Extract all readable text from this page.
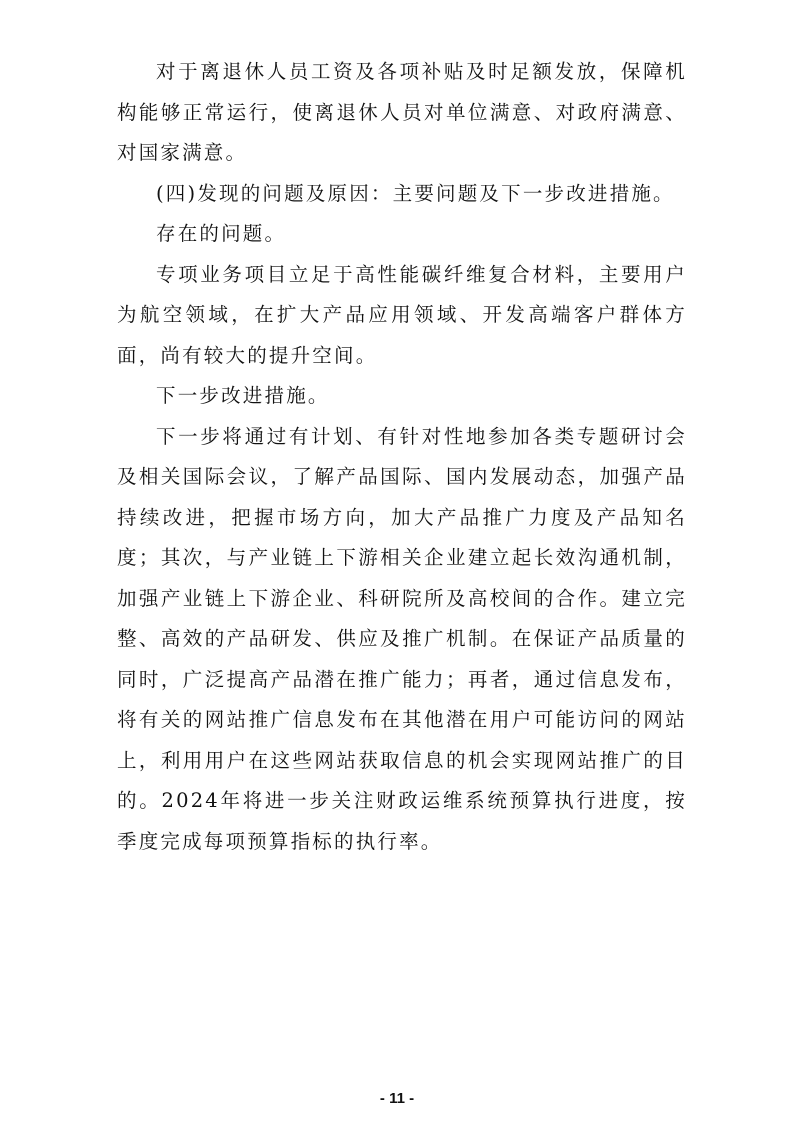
对于离退休人员工资及各项补贴及时足额发放，保障机构能够正常运行，使离退休人员对单位满意、对政府满意、对国家满意。

(四)发现的问题及原因：主要问题及下一步改进措施。

存在的问题。

专项业务项目立足于高性能碳纤维复合材料，主要用户为航空领域，在扩大产品应用领域、开发高端客户群体方面，尚有较大的提升空间。

下一步改进措施。

下一步将通过有计划、有针对性地参加各类专题研讨会及相关国际会议，了解产品国际、国内发展动态，加强产品持续改进，把握市场方向，加大产品推广力度及产品知名度；其次，与产业链上下游相关企业建立起长效沟通机制，加强产业链上下游企业、科研院所及高校间的合作。建立完整、高效的产品研发、供应及推广机制。在保证产品质量的同时，广泛提高产品潜在推广能力；再者，通过信息发布，将有关的网站推广信息发布在其他潜在用户可能访问的网站上，利用用户在这些网站获取信息的机会实现网站推广的目的。2024年将进一步关注财政运维系统预算执行进度，按季度完成每项预算指标的执行率。

- 11 -
